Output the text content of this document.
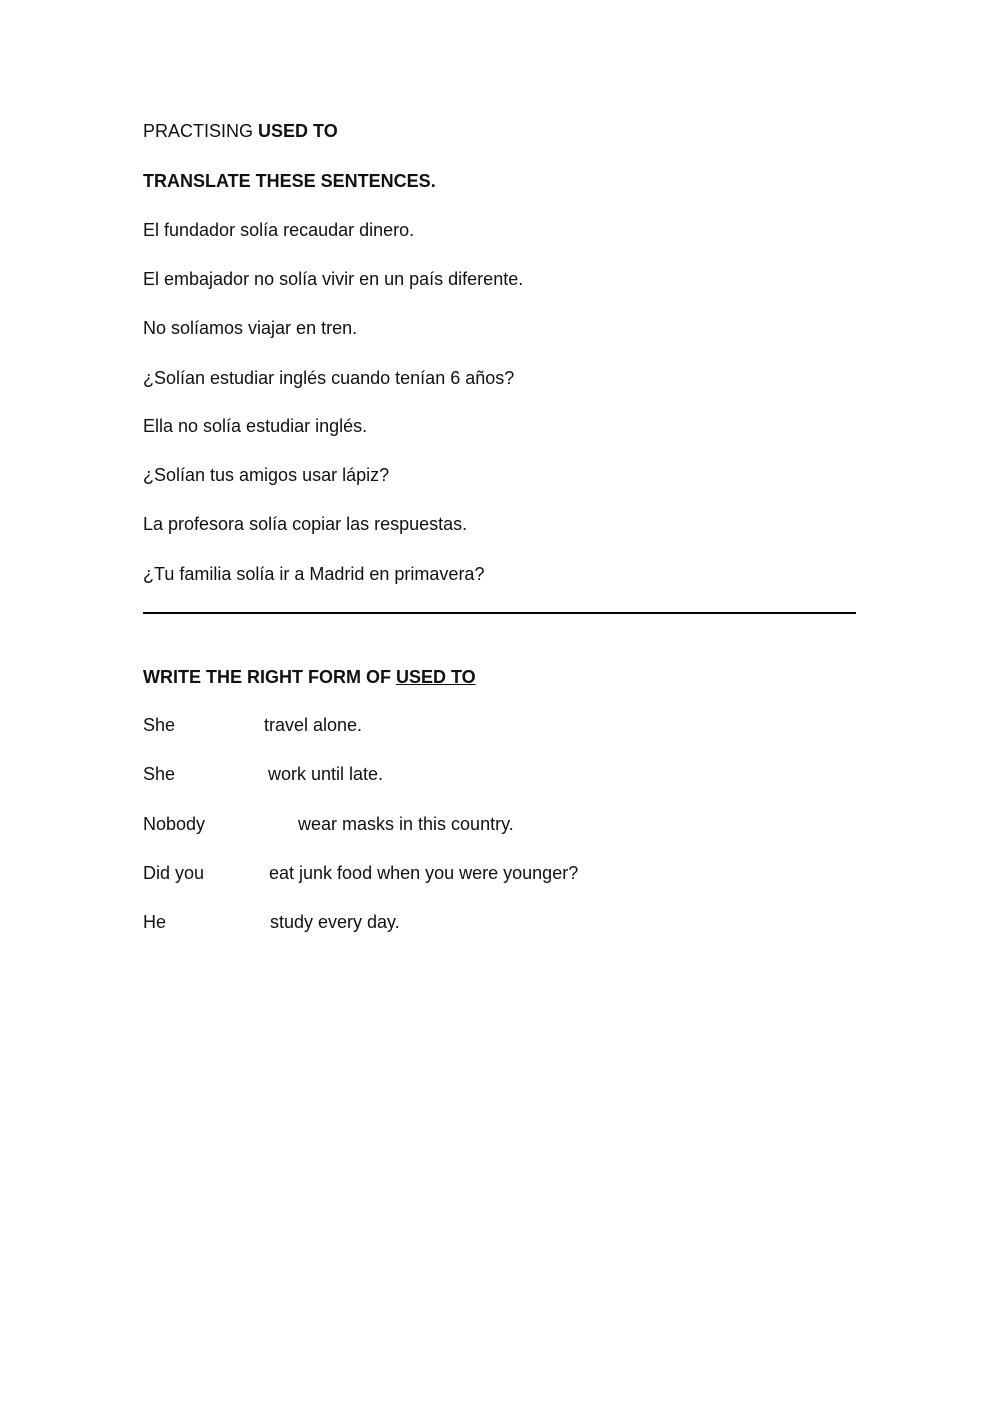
PRACTISING USED TO
TRANSLATE THESE SENTENCES.
El fundador solía recaudar dinero.
El embajador no solía vivir en un país diferente.
No solíamos viajar en tren.
¿Solían estudiar inglés cuando tenían 6 años?
Ella no solía estudiar inglés.
¿Solían tus amigos usar lápiz?
La profesora solía copiar las respuestas.
¿Tu familia solía ir a Madrid en primavera?
WRITE THE RIGHT FORM OF USED TO
She	travel alone.
She	work until late.
Nobody	wear masks in this country.
Did you	eat junk food when you were younger?
He	study every day.
